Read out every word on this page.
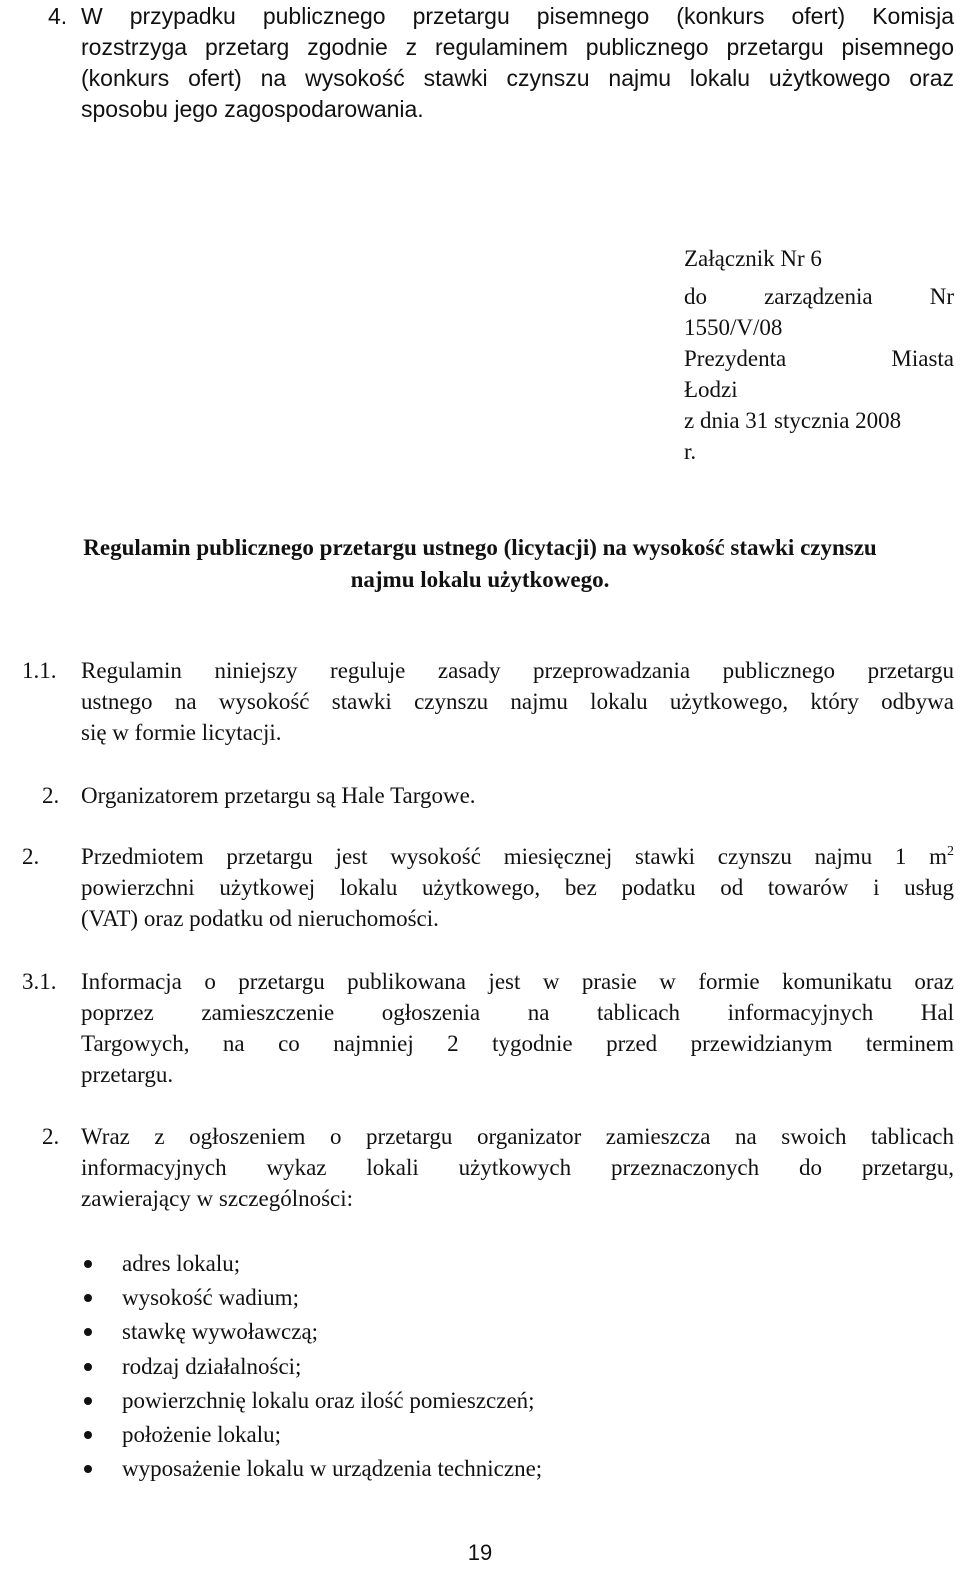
4. W przypadku publicznego przetargu pisemnego (konkurs ofert) Komisja
rozstrzyga przetarg zgodnie z regulaminem publicznego przetargu pisemnego
(konkurs ofert) na wysokość stawki czynszu najmu lokalu użytkowego oraz
sposobu jego zagospodarowania.
Załącznik Nr 6
do zarządzenia Nr
1550/V/08
Prezydenta	Miasta
Łodzi
z dnia 31 stycznia 2008
r.
Regulamin publicznego przetargu ustnego (licytacji) na wysokość stawki czynszu
najmu lokalu użytkowego.
1.1. Regulamin niniejszy reguluje zasady przeprowadzania publicznego przetargu
ustnego na wysokość stawki czynszu najmu lokalu użytkowego, który odbywa
się w formie licytacji.
2. Organizatorem przetargu są Hale Targowe.
2. Przedmiotem przetargu jest wysokość miesięcznej stawki czynszu najmu 1 $m^2$
powierzchni użytkowej lokalu użytkowego, bez podatku od towarów i usług
(VAT) oraz podatku od nieruchomości.
3.1. Informacja o przetargu publikowana jest w prasie w formie komunikatu oraz
poprzez zamieszczenie ogłoszenia na tablicach informacyjnych Hal
Targowych, na co najmniej 2 tygodnie przed przewidzianym terminem
przetargu.
2. Wraz z ogłoszeniem o przetargu organizator zamieszcza na swoich tablicach
informacyjnych wykaz lokali użytkowych przeznaczonych do przetargu,
zawierający w szczególności:
adres lokalu;
wysokość wadium;
stawkę wywoławczą;
rodzaj działalności;
powierzchnię lokalu oraz ilość pomieszczeń;
położenie lokalu;
wyposażenie lokalu w urządzenia techniczne;
19
